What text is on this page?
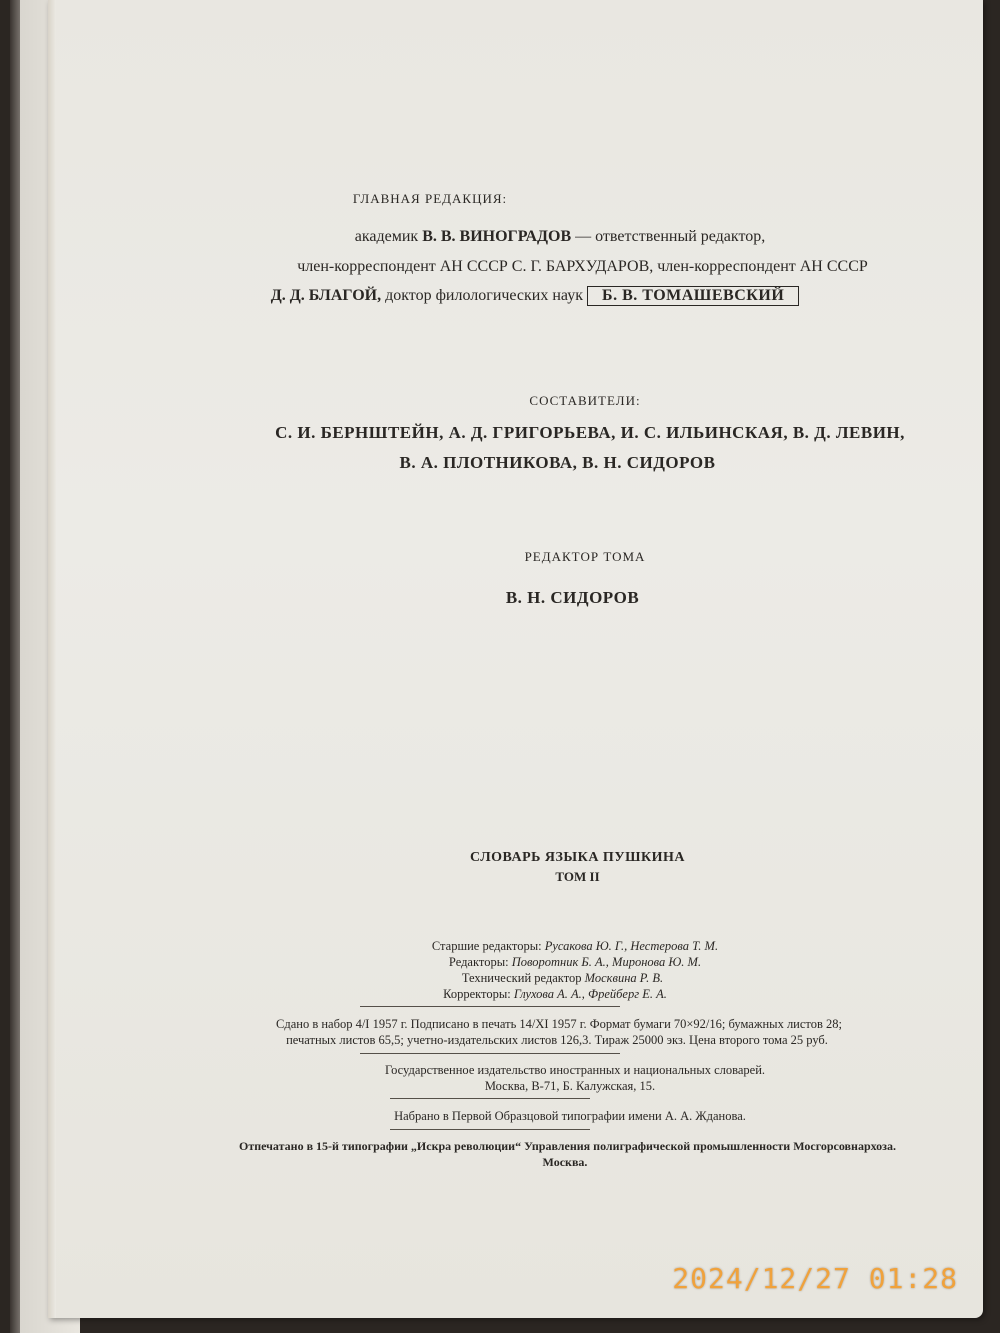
ГЛАВНАЯ РЕДАКЦИЯ:
академик В. В. ВИНОГРАДОВ — ответственный редактор,
член-корреспондент АН СССР С. Г. БАРХУДАРОВ, член-корреспондент АН СССР
Д. Д. БЛАГОЙ, доктор филологических наук Б. В. ТОМАШЕВСКИЙ
СОСТАВИТЕЛИ:
С. И. БЕРНШТЕЙН, А. Д. ГРИГОРЬЕВА, И. С. ИЛЬИНСКАЯ, В. Д. ЛЕВИН,
В. А. ПЛОТНИКОВА, В. Н. СИДОРОВ
РЕДАКТОР ТОМА
В. Н. СИДОРОВ
СЛОВАРЬ ЯЗЫКА ПУШКИНА
ТОМ II
Старшие редакторы: Русакова Ю. Г., Нестерова Т. М.
Редакторы: Поворотник Б. А., Миронова Ю. М.
Технический редактор Москвина Р. В.
Корректоры: Глухова А. А., Фрейберг Е. А.
Сдано в набор 4/I 1957 г. Подписано в печать 14/XI 1957 г. Формат бумаги 70×92/16; бумажных листов 28;
печатных листов 65,5; учетно-издательских листов 126,3. Тираж 25000 экз. Цена второго тома 25 руб.
Государственное издательство иностранных и национальных словарей.
Москва, В-71, Б. Калужская, 15.
Набрано в Первой Образцовой типографии имени А. А. Жданова.
Отпечатано в 15-й типографии „Искра революции“ Управления полиграфической промышленности Мосгорсовнархоза.
Москва.
2024/12/27 01:28
